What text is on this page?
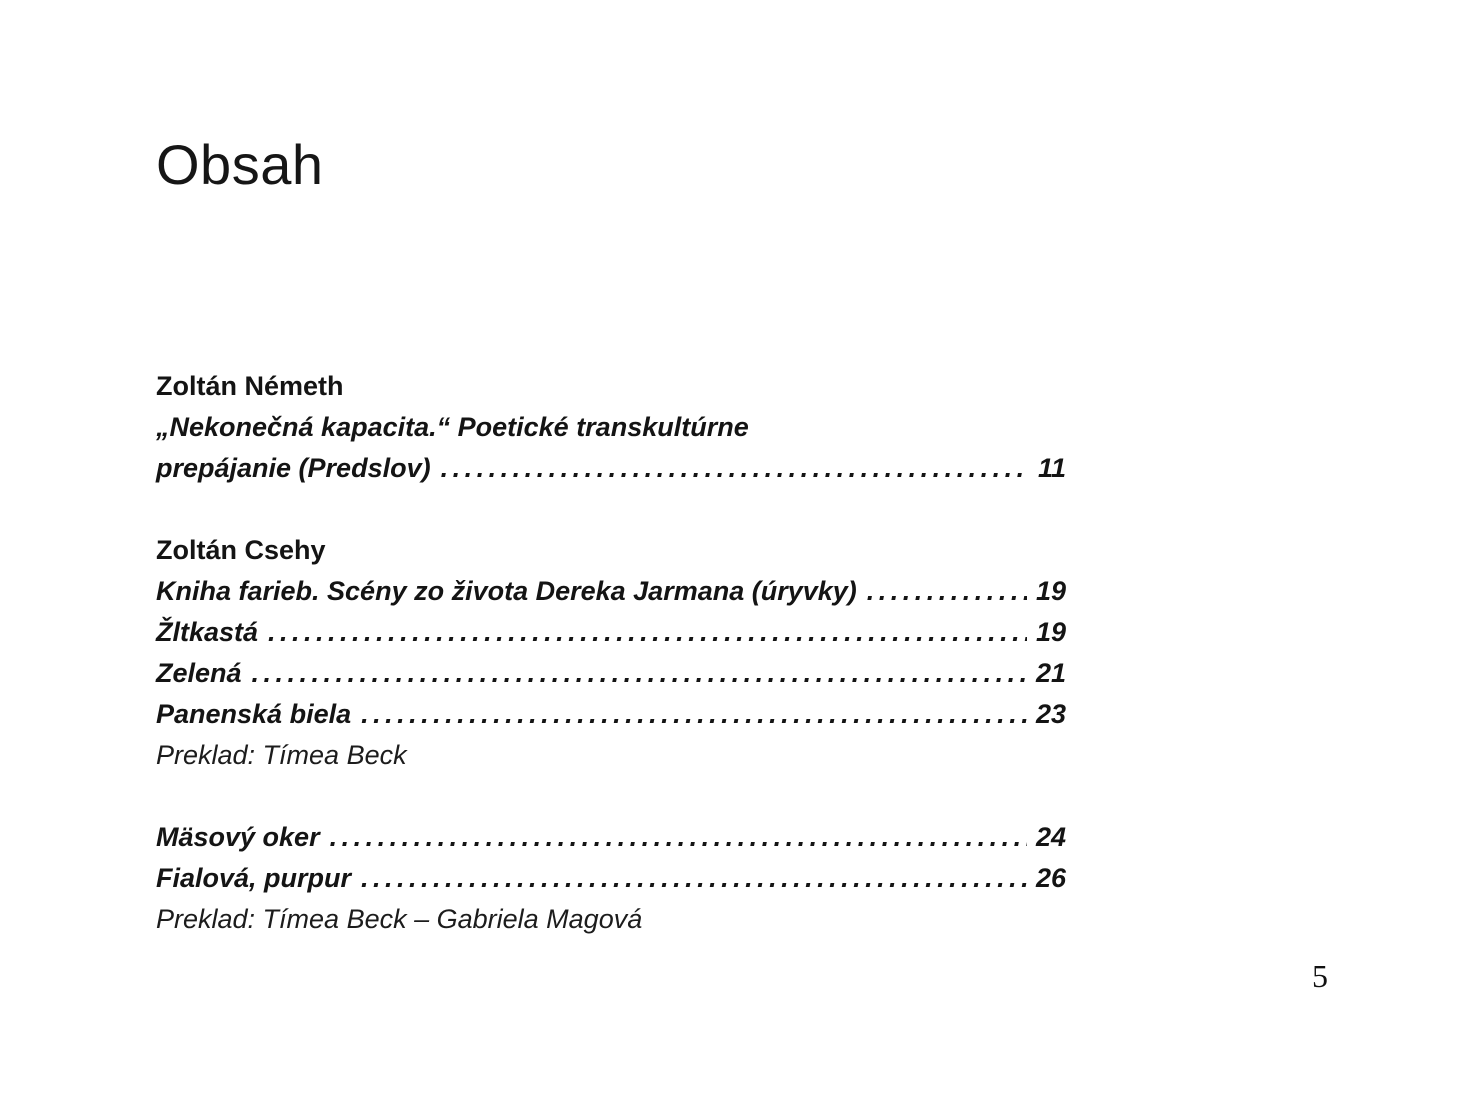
Obsah
Zoltán Németh
„Nekonečná kapacita.“ Poetické transkultúrne
prepájanie (Predslov) .....	11
Zoltán Csehy
Kniha farieb. Scény zo života Dereka Jarmana (úryvky) .....	19
Žltkastá .....	19
Zelená .....	21
Panenská biela .....	23
Preklad: Tímea Beck
Mäsový oker .....	24
Fialová, purpur .....	26
Preklad: Tímea Beck – Gabriela Magová
5
